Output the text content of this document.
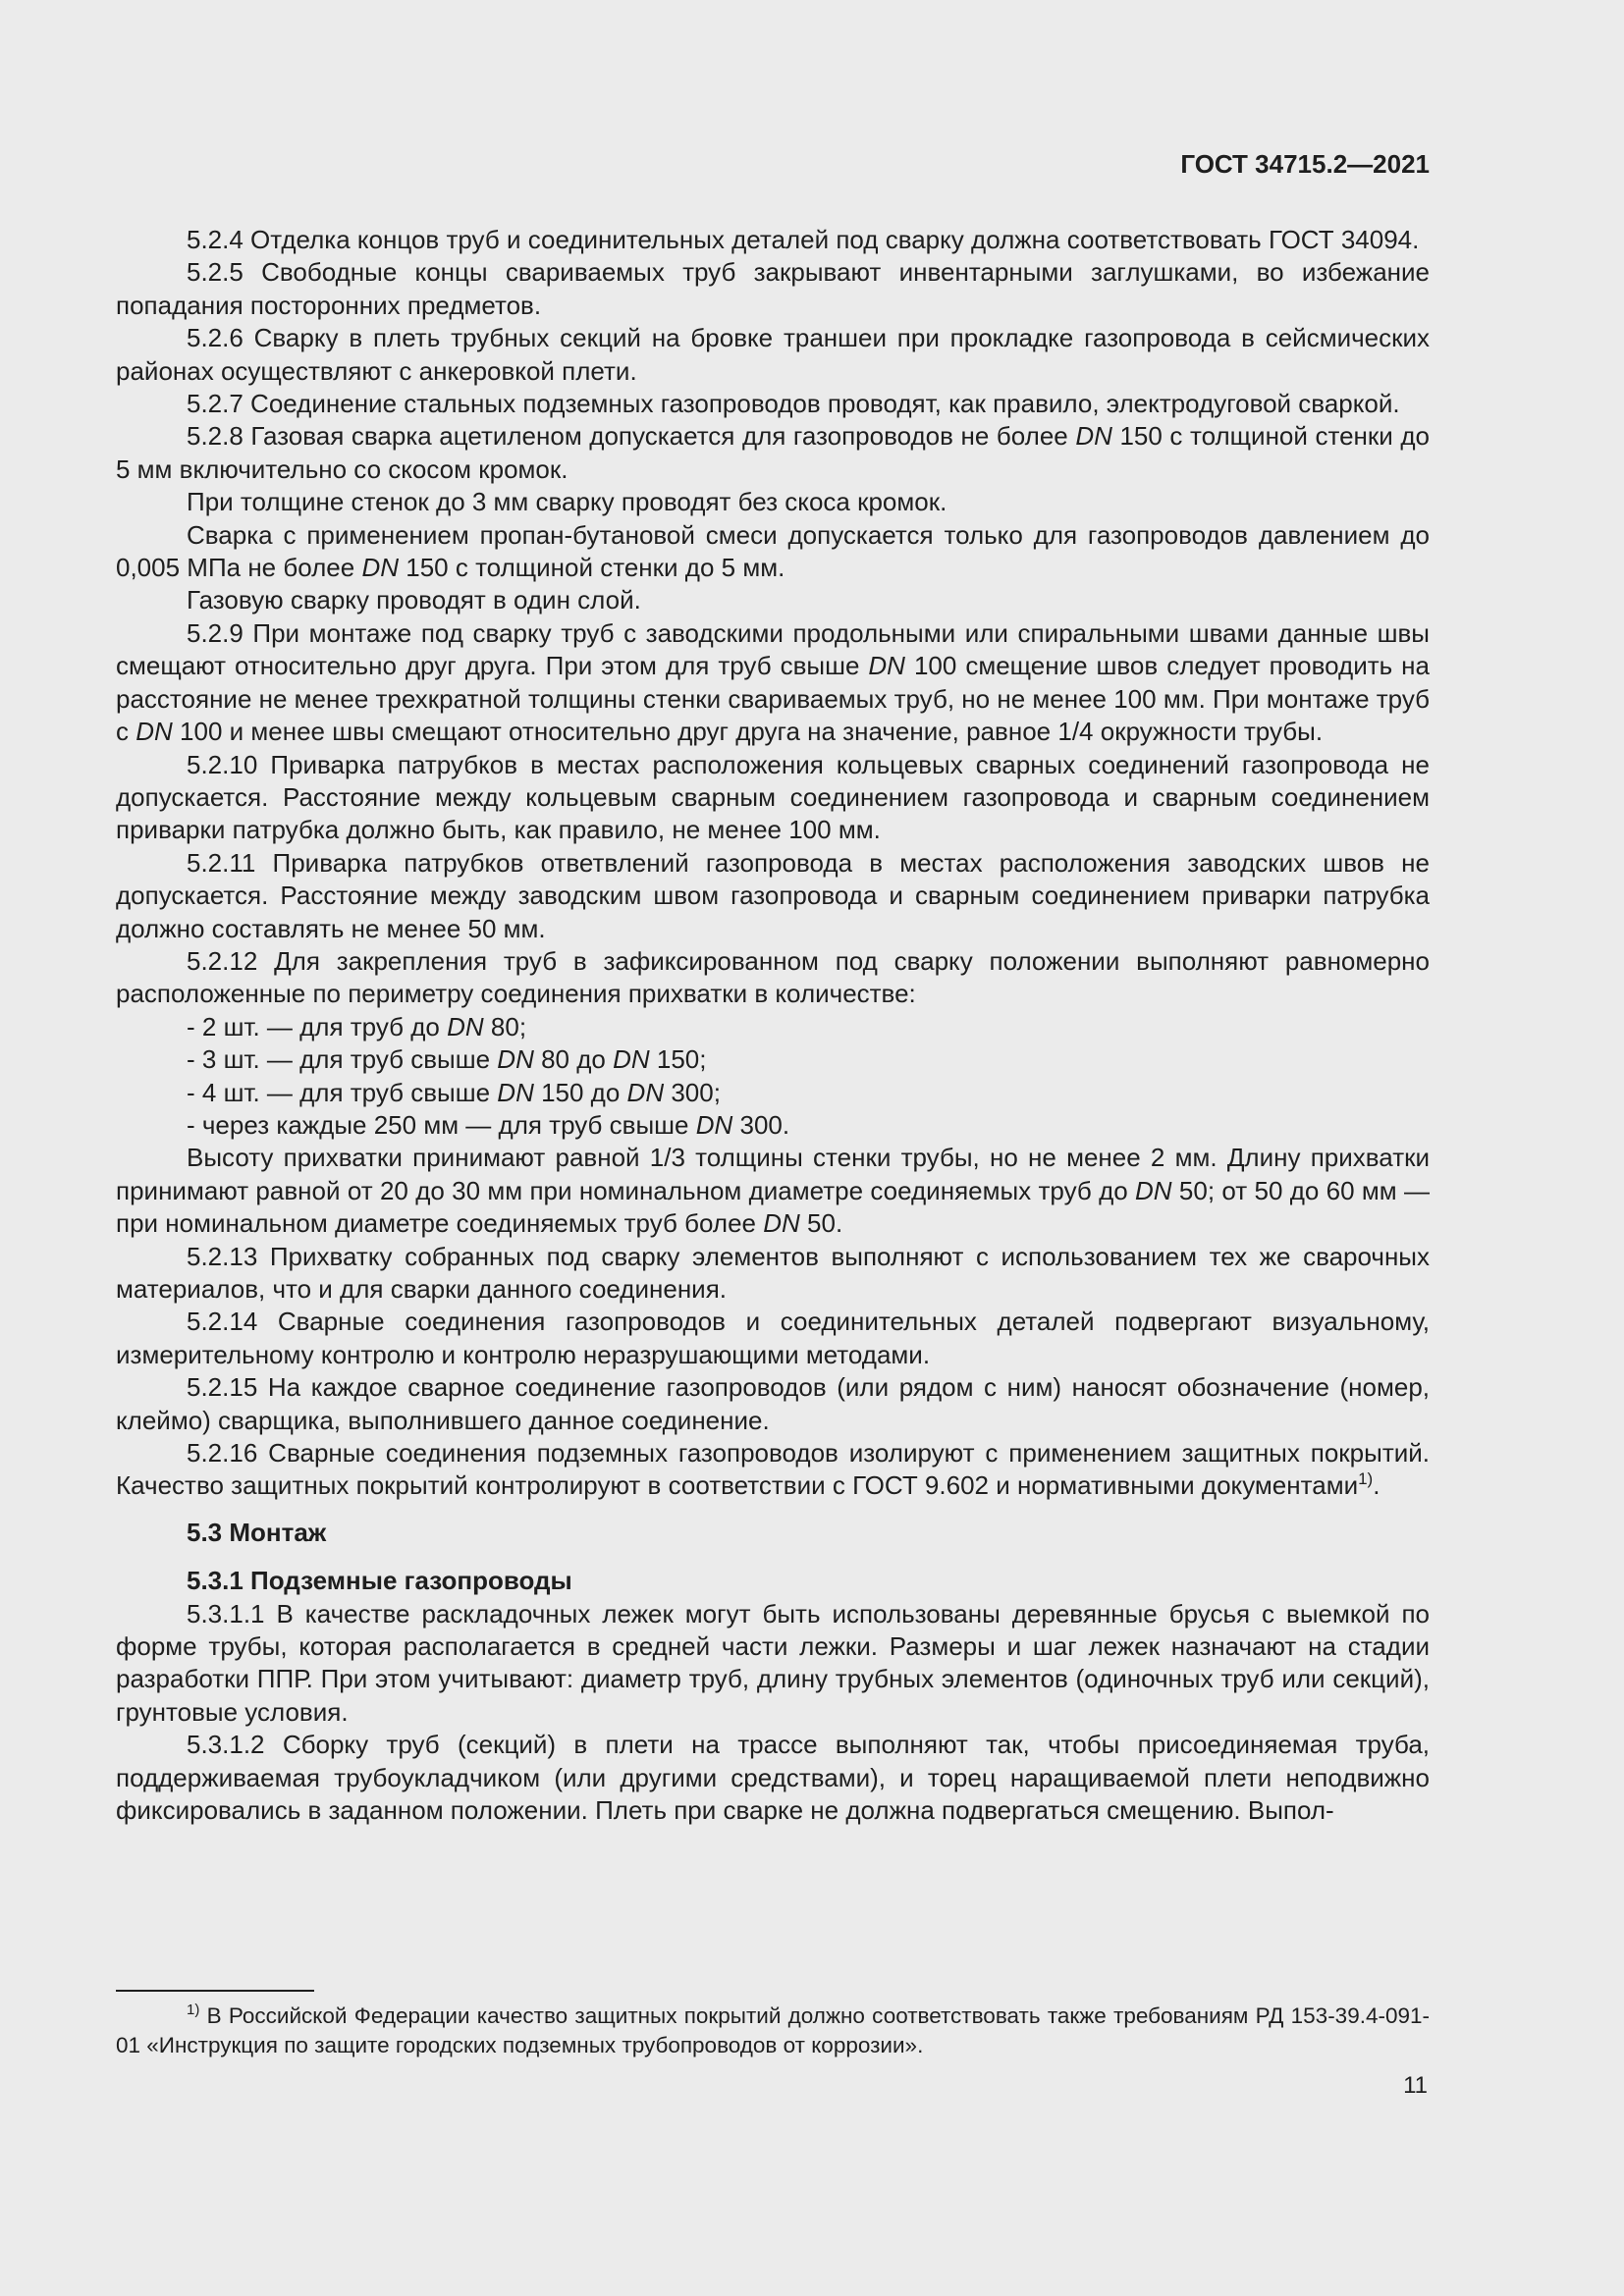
ГОСТ 34715.2—2021

5.2.4 Отделка концов труб и соединительных деталей под сварку должна соответствовать ГОСТ 34094.

5.2.5 Свободные концы свариваемых труб закрывают инвентарными заглушками, во избежание попадания посторонних предметов.

5.2.6 Сварку в плеть трубных секций на бровке траншеи при прокладке газопровода в сейсмических районах осуществляют с анкеровкой плети.

5.2.7 Соединение стальных подземных газопроводов проводят, как правило, электродуговой сваркой.

5.2.8 Газовая сварка ацетиленом допускается для газопроводов не более DN 150 с толщиной стенки до 5 мм включительно со скосом кромок.

При толщине стенок до 3 мм сварку проводят без скоса кромок.

Сварка с применением пропан-бутановой смеси допускается только для газопроводов давлением до 0,005 МПа не более DN 150 с толщиной стенки до 5 мм.

Газовую сварку проводят в один слой.

5.2.9 При монтаже под сварку труб с заводскими продольными или спиральными швами данные швы смещают относительно друг друга. При этом для труб свыше DN 100 смещение швов следует проводить на расстояние не менее трехкратной толщины стенки свариваемых труб, но не менее 100 мм. При монтаже труб с DN 100 и менее швы смещают относительно друг друга на значение, равное 1/4 окружности трубы.

5.2.10 Приварка патрубков в местах расположения кольцевых сварных соединений газопровода не допускается. Расстояние между кольцевым сварным соединением газопровода и сварным соединением приварки патрубка должно быть, как правило, не менее 100 мм.

5.2.11 Приварка патрубков ответвлений газопровода в местах расположения заводских швов не допускается. Расстояние между заводским швом газопровода и сварным соединением приварки патрубка должно составлять не менее 50 мм.

5.2.12 Для закрепления труб в зафиксированном под сварку положении выполняют равномерно расположенные по периметру соединения прихватки в количестве:

- 2 шт. — для труб до DN 80;

- 3 шт. — для труб свыше DN 80 до DN 150;

- 4 шт. — для труб свыше DN 150 до DN 300;

- через каждые 250 мм — для труб свыше DN 300.

Высоту прихватки принимают равной 1/3 толщины стенки трубы, но не менее 2 мм. Длину прихватки принимают равной от 20 до 30 мм при номинальном диаметре соединяемых труб до DN 50; от 50 до 60 мм — при номинальном диаметре соединяемых труб более DN 50.

5.2.13 Прихватку собранных под сварку элементов выполняют с использованием тех же сварочных материалов, что и для сварки данного соединения.

5.2.14 Сварные соединения газопроводов и соединительных деталей подвергают визуальному, измерительному контролю и контролю неразрушающими методами.

5.2.15 На каждое сварное соединение газопроводов (или рядом с ним) наносят обозначение (номер, клеймо) сварщика, выполнившего данное соединение.

5.2.16 Сварные соединения подземных газопроводов изолируют с применением защитных покрытий. Качество защитных покрытий контролируют в соответствии с ГОСТ 9.602 и нормативными документами$^{1)}$.

5.3 Монтаж

5.3.1 Подземные газопроводы

5.3.1.1 В качестве раскладочных лежек могут быть использованы деревянные брусья с выемкой по форме трубы, которая располагается в средней части лежки. Размеры и шаг лежек назначают на стадии разработки ППР. При этом учитывают: диаметр труб, длину трубных элементов (одиночных труб или секций), грунтовые условия.

5.3.1.2 Сборку труб (секций) в плети на трассе выполняют так, чтобы присоединяемая труба, поддерживаемая трубоукладчиком (или другими средствами), и торец наращиваемой плети неподвижно фиксировались в заданном положении. Плеть при сварке не должна подвергаться смещению. Выпол-

$^{1)}$ В Российской Федерации качество защитных покрытий должно соответствовать также требованиям РД 153-39.4-091-01 «Инструкция по защите городских подземных трубопроводов от коррозии».

11
